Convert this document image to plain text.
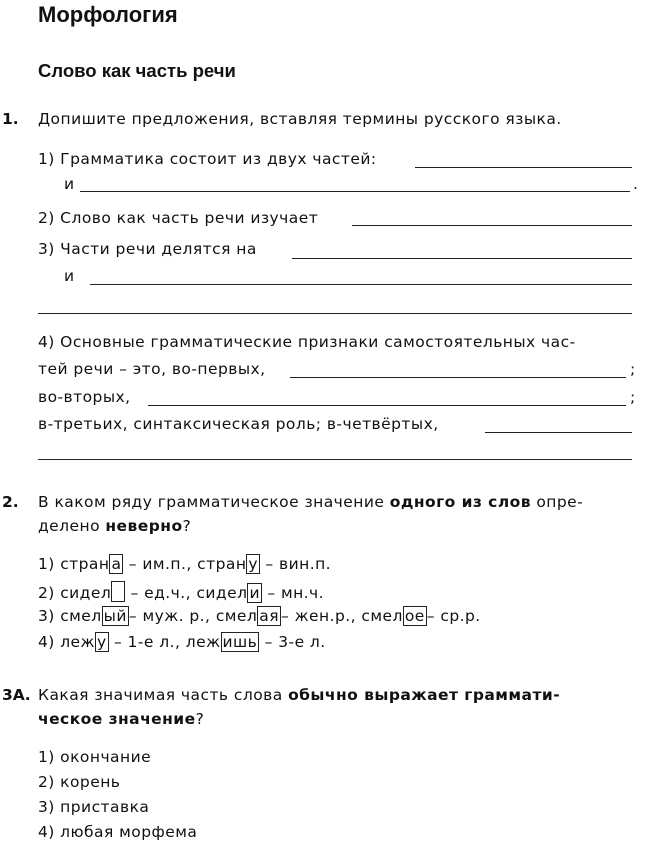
Морфология
Слово как часть речи
1. Допишите предложения, вставляя термины русского языка.
1) Грамматика состоит из двух частей:
и	.
2) Слово как часть речи изучает
3) Части речи делятся на
и
4) Основные грамматические признаки самостоятельных час-
тей речи – это, во-первых,	;
во-вторых,	;
в-третьих, синтаксическая роль; в-четвёртых,
2. В каком ряду грамматическое значение одного из слов опре-
делено неверно?
1) стран а – им.п., стран у – вин.п.
2) сидел – ед.ч., сидел и – мн.ч.
3) смел ый – муж. р., смел ая – жен.р., смел ое – ср.р.
4) леж у – 1-е л., леж ишь – 3-е л.
3А. Какая значимая часть слова обычно выражает граммати-
ческое значение?
1) окончание
2) корень
3) приставка
4) любая морфема
